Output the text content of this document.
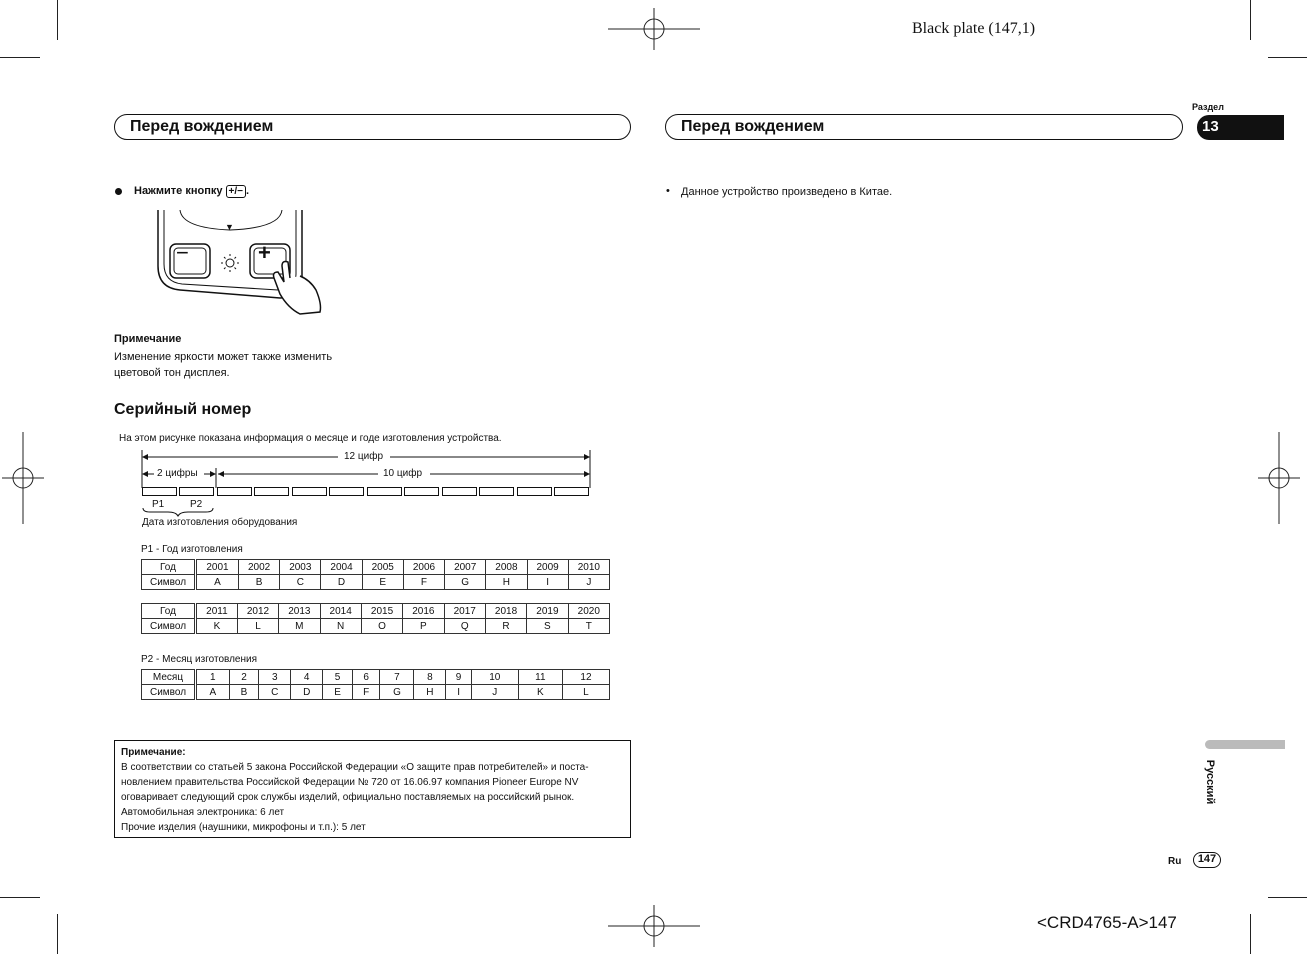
Black plate (147,1)
<CRD4765-A>147
Перед вождением	Перед вождением
Раздел
13
Русский
Ru	147
Нажмите кнопку +/− .
−	+
▼
Примечание
Изменение яркости может также изменить
цветовой тон дисплея.
Серийный номер
На этом рисунке показана информация о месяце и годе изготовления устройства.
12 цифр
2 цифры	10 цифр
P1	P2
Дата изготовления оборудования
P1 - Год изготовления
Год	2001	2002	2003	2004	2005	2006	2007	2008	2009	2010
Символ	A	B	C	D	E	F	G	H	I	J
Год	2011	2012	2013	2014	2015	2016	2017	2018	2019	2020
Символ	K	L	M	N	O	P	Q	R	S	T
P2 - Месяц изготовления
Месяц	1	2	3	4	5	6	7	8	9	10	11	12
Символ	A	B	C	D	E	F	G	H	I	J	K	L
Примечание:
В соответствии со статьей 5 закона Российской Федерации «О защите прав потребителей» и поста-
новлением правительства Российской Федерации № 720 от 16.06.97 компания Pioneer Europe NV
оговаривает следующий срок службы изделий, официально поставляемых на российский рынок.
Автомобильная электроника: 6 лет
Прочие изделия (наушники, микрофоны и т.п.): 5 лет
• Данное устройство произведено в Китае.
